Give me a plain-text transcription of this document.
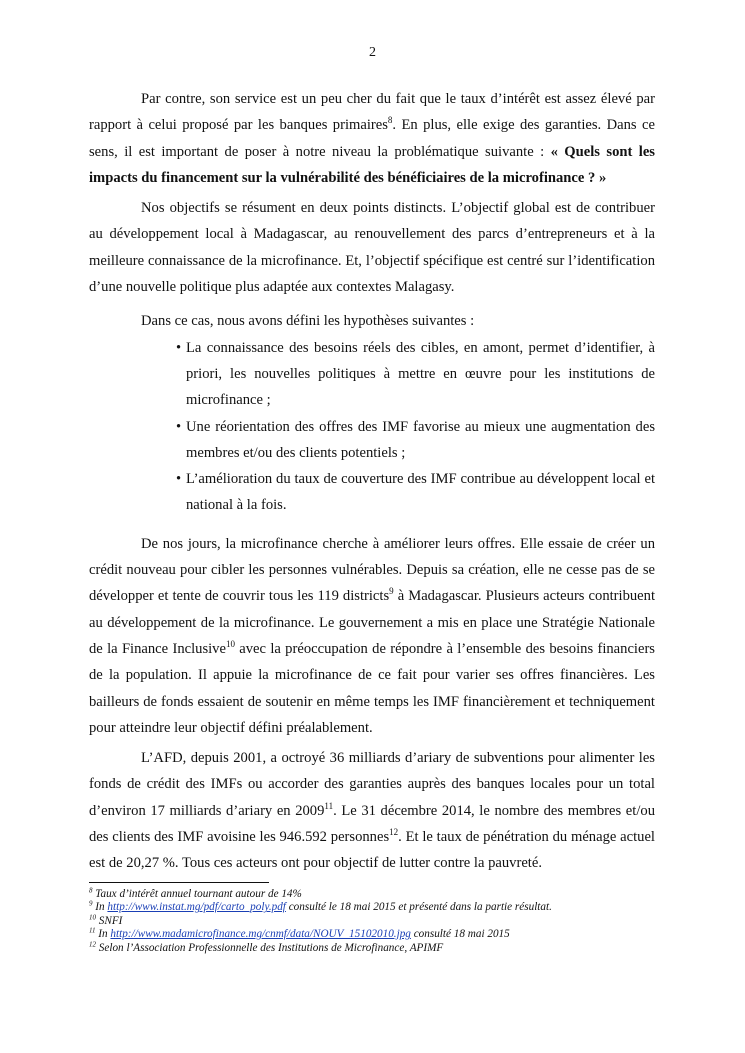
2

Par contre, son service est un peu cher du fait que le taux d’intérêt est assez élevé par rapport à celui proposé par les banques primaires$^8$. En plus, elle exige des garanties. Dans ce sens, il est important de poser à notre niveau la problématique suivante : « Quels sont les impacts du financement sur la vulnérabilité des bénéficiaires de la microfinance ? »

Nos objectifs se résument en deux points distincts. L’objectif global est de contribuer au développement local à Madagascar, au renouvellement des parcs d’entrepreneurs et à la meilleure connaissance de la microfinance. Et, l’objectif spécifique est centré sur l’identification d’une nouvelle politique plus adaptée aux contextes Malagasy.

Dans ce cas, nous avons défini les hypothèses suivantes :

• La connaissance des besoins réels des cibles, en amont, permet d’identifier, à priori, les nouvelles politiques à mettre en œuvre pour les institutions de microfinance ;
• Une réorientation des offres des IMF favorise au mieux une augmentation des membres et/ou des clients potentiels ;
• L’amélioration du taux de couverture des IMF contribue au développent local et national à la fois.

De nos jours, la microfinance cherche à améliorer leurs offres. Elle essaie de créer un crédit nouveau pour cibler les personnes vulnérables. Depuis sa création, elle ne cesse pas de se développer et tente de couvrir tous les 119 districts$^9$ à Madagascar. Plusieurs acteurs contribuent au développement de la microfinance. Le gouvernement a mis en place une Stratégie Nationale de la Finance Inclusive$^{10}$ avec la préoccupation de répondre à l’ensemble des besoins financiers de la population. Il appuie la microfinance de ce fait pour varier ses offres financières. Les bailleurs de fonds essaient de soutenir en même temps les IMF financièrement et techniquement pour atteindre leur objectif défini préalablement.

L’AFD, depuis 2001, a octroyé 36 milliards d’ariary de subventions pour alimenter les fonds de crédit des IMFs ou accorder des garanties auprès des banques locales pour un total d’environ 17 milliards d’ariary en 2009$^{11}$. Le 31 décembre 2014, le nombre des membres et/ou des clients des IMF avoisine les 946.592 personnes$^{12}$. Et le taux de pénétration du ménage actuel est de 20,27 %. Tous ces acteurs ont pour objectif de lutter contre la pauvreté.

$^8$ Taux d’intérêt annuel tournant autour de 14%
$^9$ In http://www.instat.mg/pdf/carto_poly.pdf consulté le 18 mai 2015 et présenté dans la partie résultat.
$^{10}$ SNFI
$^{11}$ In http://www.madamicrofinance.mg/cnmf/data/NOUV_15102010.jpg consulté 18 mai 2015
$^{12}$ Selon l’Association Professionnelle des Institutions de Microfinance, APIMF
